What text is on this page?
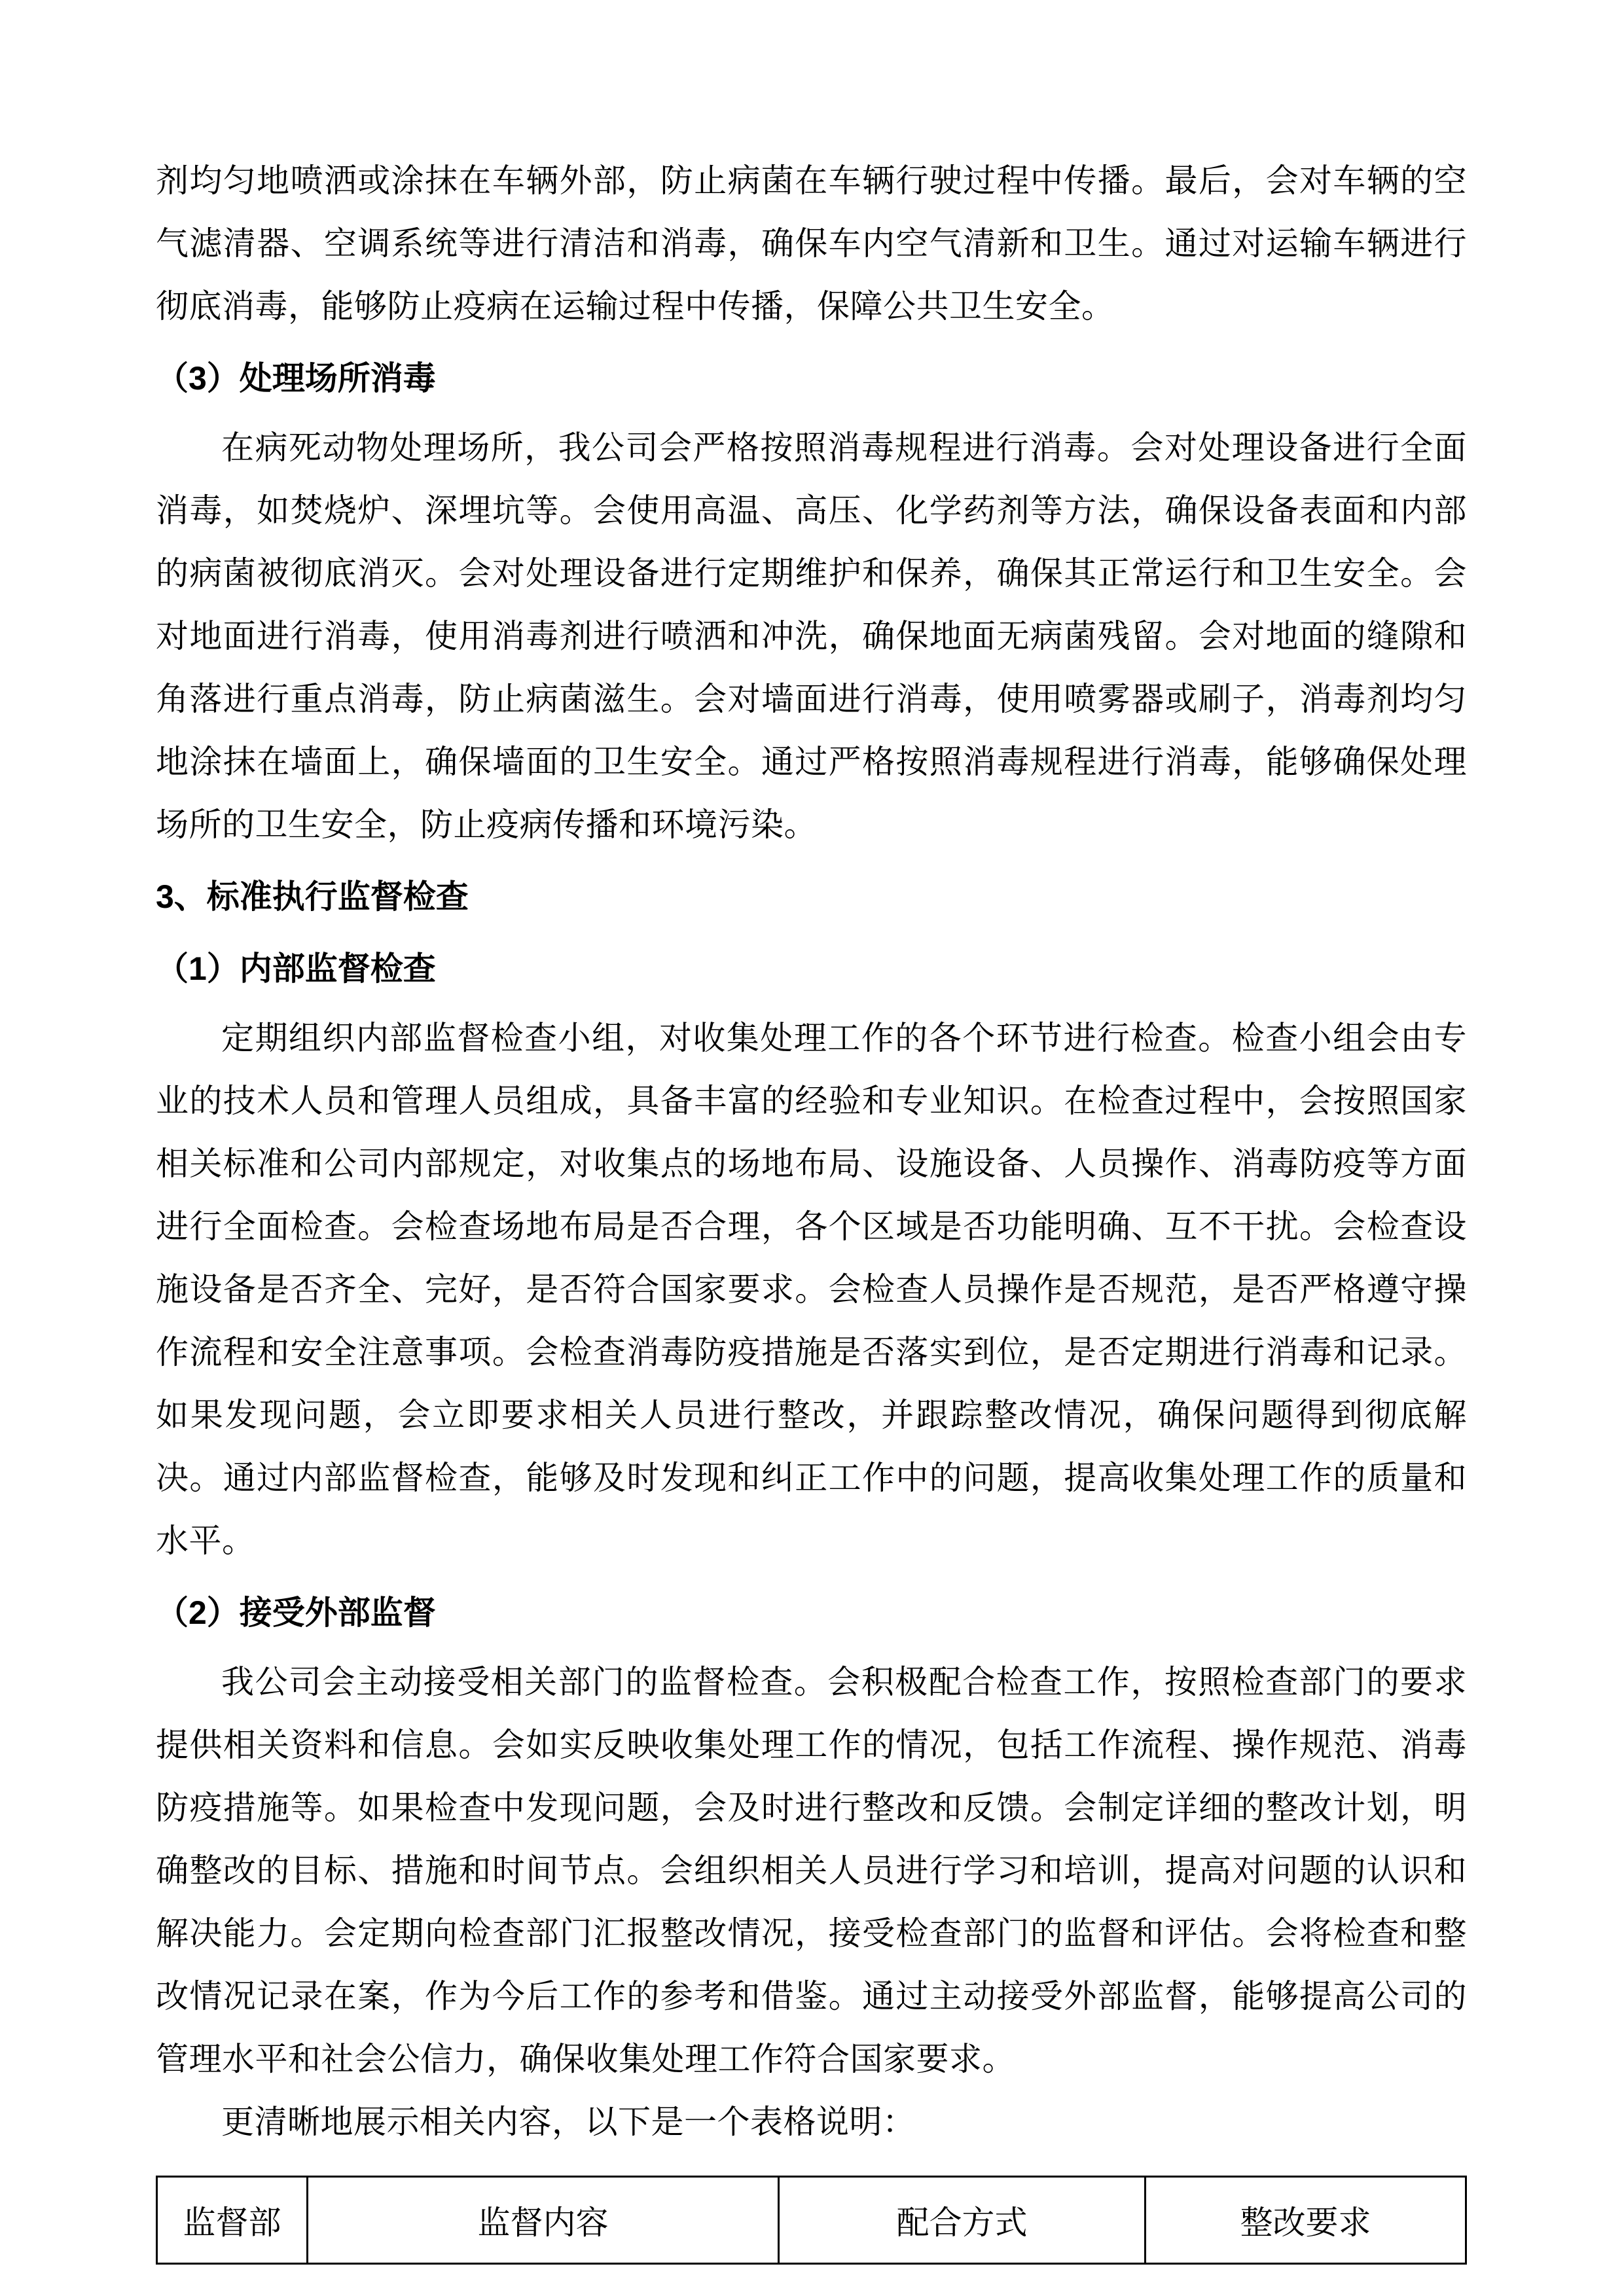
剂均匀地喷洒或涂抹在车辆外部，防止病菌在车辆行驶过程中传播。最后，会对车辆的空气滤清器、空调系统等进行清洁和消毒，确保车内空气清新和卫生。通过对运输车辆进行彻底消毒，能够防止疫病在运输过程中传播，保障公共卫生安全。

（3）处理场所消毒

在病死动物处理场所，我公司会严格按照消毒规程进行消毒。会对处理设备进行全面消毒，如焚烧炉、深埋坑等。会使用高温、高压、化学药剂等方法，确保设备表面和内部的病菌被彻底消灭。会对处理设备进行定期维护和保养，确保其正常运行和卫生安全。会对地面进行消毒，使用消毒剂进行喷洒和冲洗，确保地面无病菌残留。会对地面的缝隙和角落进行重点消毒，防止病菌滋生。会对墙面进行消毒，使用喷雾器或刷子，消毒剂均匀地涂抹在墙面上，确保墙面的卫生安全。通过严格按照消毒规程进行消毒，能够确保处理场所的卫生安全，防止疫病传播和环境污染。

3、标准执行监督检查
（1）内部监督检查

定期组织内部监督检查小组，对收集处理工作的各个环节进行检查。检查小组会由专业的技术人员和管理人员组成，具备丰富的经验和专业知识。在检查过程中，会按照国家相关标准和公司内部规定，对收集点的场地布局、设施设备、人员操作、消毒防疫等方面进行全面检查。会检查场地布局是否合理，各个区域是否功能明确、互不干扰。会检查设施设备是否齐全、完好，是否符合国家要求。会检查人员操作是否规范，是否严格遵守操作流程和安全注意事项。会检查消毒防疫措施是否落实到位，是否定期进行消毒和记录。如果发现问题，会立即要求相关人员进行整改，并跟踪整改情况，确保问题得到彻底解决。通过内部监督检查，能够及时发现和纠正工作中的问题，提高收集处理工作的质量和水平。

（2）接受外部监督

我公司会主动接受相关部门的监督检查。会积极配合检查工作，按照检查部门的要求提供相关资料和信息。会如实反映收集处理工作的情况，包括工作流程、操作规范、消毒防疫措施等。如果检查中发现问题，会及时进行整改和反馈。会制定详细的整改计划，明确整改的目标、措施和时间节点。会组织相关人员进行学习和培训，提高对问题的认识和解决能力。会定期向检查部门汇报整改情况，接受检查部门的监督和评估。会将检查和整改情况记录在案，作为今后工作的参考和借鉴。通过主动接受外部监督，能够提高公司的管理水平和社会公信力，确保收集处理工作符合国家要求。

更清晰地展示相关内容，以下是一个表格说明：

监督部	监督内容	配合方式	整改要求
